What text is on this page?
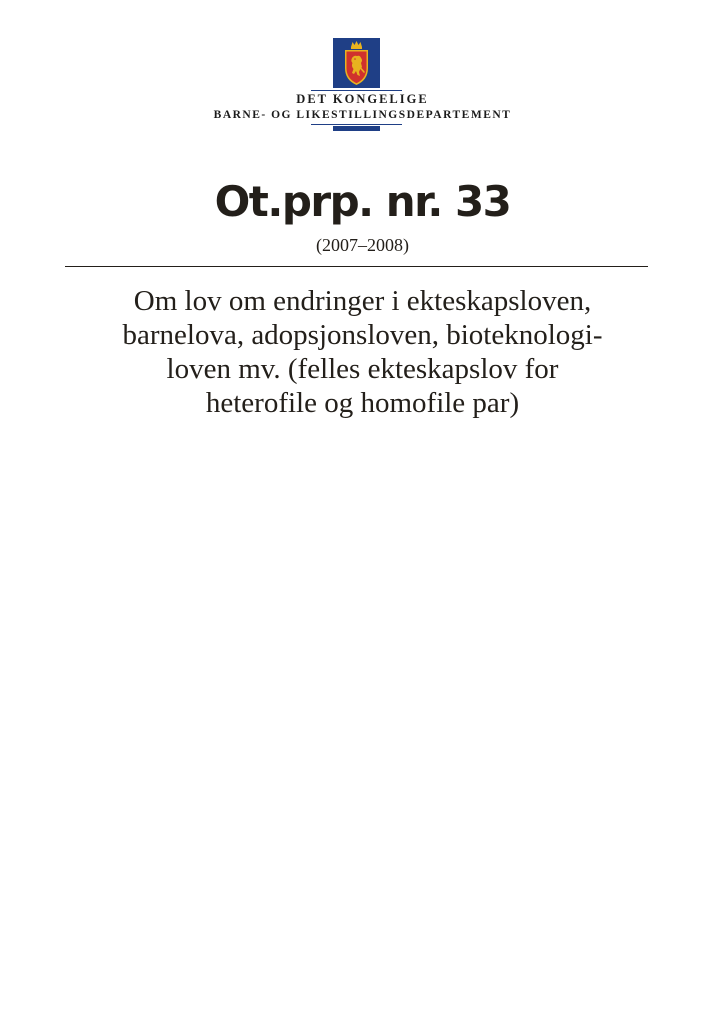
DET KONGELIGE
BARNE- OG LIKESTILLINGSDEPARTEMENT
Ot.prp. nr. 33
(2007–2008)
Om lov om endringer i ekteskapsloven,
barnelova, adopsjonsloven, bioteknologi-
loven mv. (felles ekteskapslov for
heterofile og homofile par)
